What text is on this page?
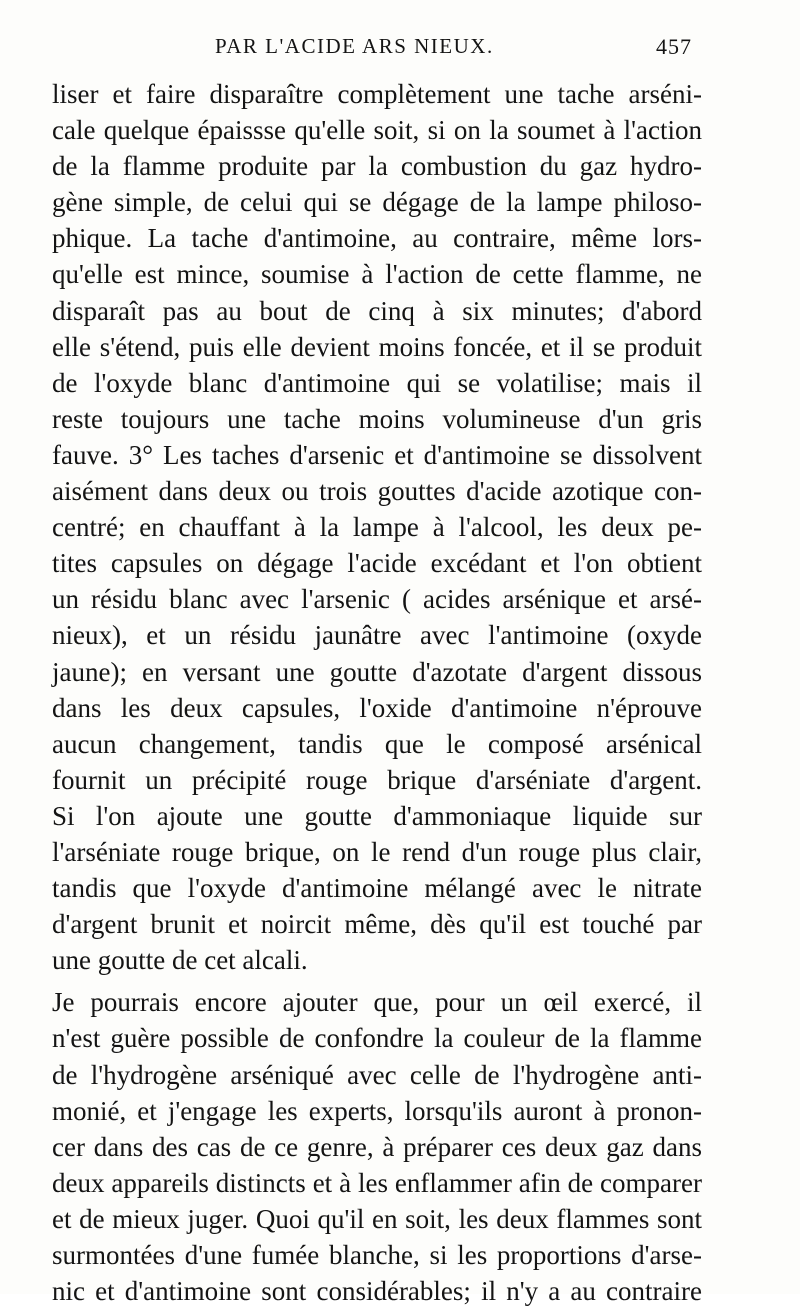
PAR L'ACIDE ARS NIEUX.	457
liser et faire disparaître complètement une tache arséni-
cale quelque épaissse qu'elle soit, si on la soumet à l'action
de la flamme produite par la combustion du gaz hydro-
gène simple, de celui qui se dégage de la lampe philoso-
phique. La tache d'antimoine, au contraire, même lors-
qu'elle est mince, soumise à l'action de cette flamme, ne
disparaît pas au bout de cinq à six minutes; d'abord
elle s'étend, puis elle devient moins foncée, et il se produit
de l'oxyde blanc d'antimoine qui se volatilise; mais il
reste toujours une tache moins volumineuse d'un gris
fauve. 3° Les taches d'arsenic et d'antimoine se dissolvent
aisément dans deux ou trois gouttes d'acide azotique con-
centré; en chauffant à la lampe à l'alcool, les deux pe-
tites capsules on dégage l'acide excédant et l'on obtient
un résidu blanc avec l'arsenic ( acides arsénique et arsé-
nieux), et un résidu jaunâtre avec l'antimoine (oxyde
jaune); en versant une goutte d'azotate d'argent dissous
dans les deux capsules, l'oxide d'antimoine n'éprouve
aucun changement, tandis que le composé arsénical
fournit un précipité rouge brique d'arséniate d'argent.
Si l'on ajoute une goutte d'ammoniaque liquide sur
l'arséniate rouge brique, on le rend d'un rouge plus clair,
tandis que l'oxyde d'antimoine mélangé avec le nitrate
d'argent brunit et noircit même, dès qu'il est touché par
une goutte de cet alcali.
Je pourrais encore ajouter que, pour un œil exercé, il
n'est guère possible de confondre la couleur de la flamme
de l'hydrogène arséniqué avec celle de l'hydrogène anti-
monié, et j'engage les experts, lorsqu'ils auront à pronon-
cer dans des cas de ce genre, à préparer ces deux gaz dans
deux appareils distincts et à les enflammer afin de comparer
et de mieux juger. Quoi qu'il en soit, les deux flammes sont
surmontées d'une fumée blanche, si les proportions d'arse-
nic et d'antimoine sont considérables; il n'y a au contraire
